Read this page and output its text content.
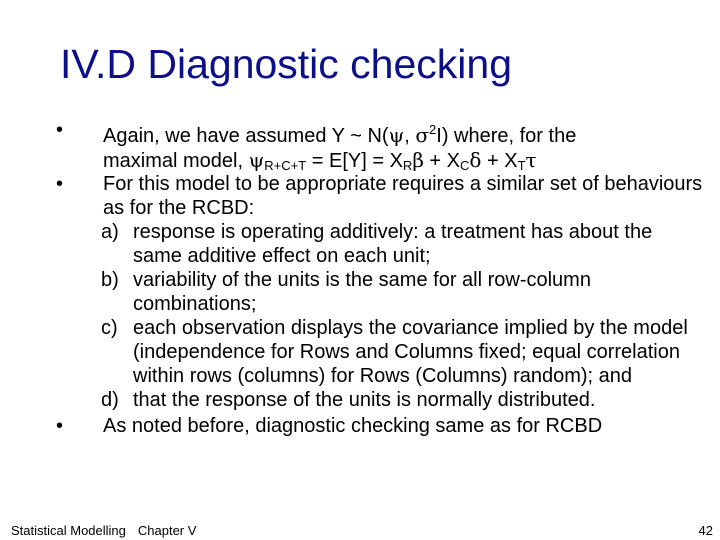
IV.D Diagnostic checking
•	Again, we have assumed Y ~ N(ψ, $\sigma^2I$) where, for the
maximal model, ψR+C+T = E[Y] = XRβ + XCδ + XTτ
•	For this model to be appropriate requires a similar set of behaviours as for the RCBD:
a) response is operating additively: a treatment has about the same additive effect on each unit;
b) variability of the units is the same for all row-column combinations;
c) each observation displays the covariance implied by the model (independence for Rows and Columns fixed; equal correlation within rows (columns) for Rows (Columns) random); and
d) that the response of the units is normally distributed.
•	As noted before, diagnostic checking same as for RCBD
Statistical Modelling Chapter V	42
